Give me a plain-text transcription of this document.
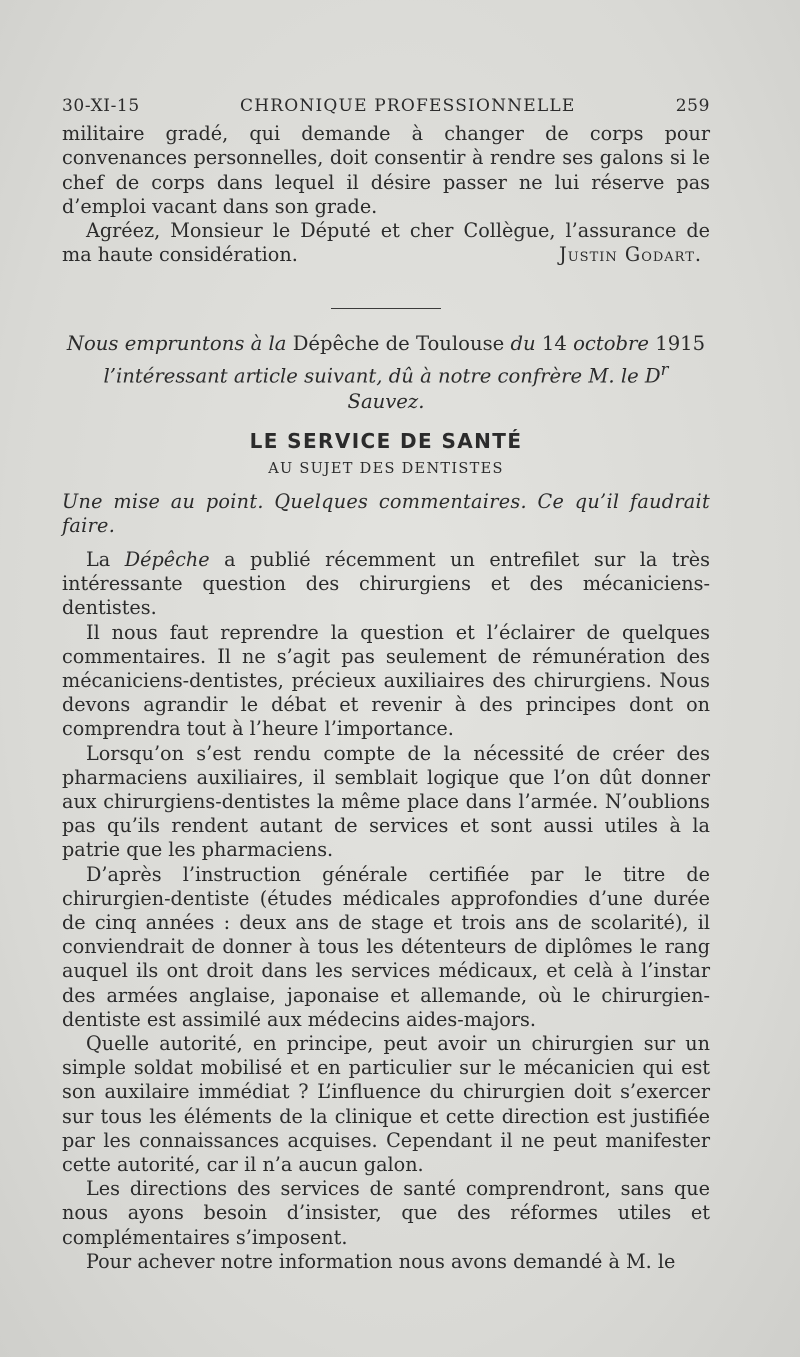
30-XI-15	CHRONIQUE PROFESSIONNELLE	259

militaire gradé, qui demande à changer de corps pour convenances personnelles, doit consentir à rendre ses galons si le chef de corps dans lequel il désire passer ne lui réserve pas d’emploi vacant dans son grade.

Agréez, Monsieur le Député et cher Collègue, l’assurance de ma haute considération.	Justin Godart.

Nous empruntons à la Dépêche de Toulouse du 14 octobre 1915
l’intéressant article suivant, dû à notre confrère M. le $D^r$ Sauvez.

LE SERVICE DE SANTÉ
AU SUJET DES DENTISTES

Une mise au point. Quelques commentaires. Ce qu’il faudrait faire.

La Dépêche a publié récemment un entrefilet sur la très intéressante question des chirurgiens et des mécaniciens-dentistes.

Il nous faut reprendre la question et l’éclairer de quelques commentaires. Il ne s’agit pas seulement de rémunération des mécaniciens-dentistes, précieux auxiliaires des chirurgiens. Nous devons agrandir le débat et revenir à des principes dont on comprendra tout à l’heure l’importance.

Lorsqu’on s’est rendu compte de la nécessité de créer des pharmaciens auxiliaires, il semblait logique que l’on dût donner aux chirurgiens-dentistes la même place dans l’armée. N’oublions pas qu’ils rendent autant de services et sont aussi utiles à la patrie que les pharmaciens.

D’après l’instruction générale certifiée par le titre de chirurgien-dentiste (études médicales approfondies d’une durée de cinq années : deux ans de stage et trois ans de scolarité), il conviendrait de donner à tous les détenteurs de diplômes le rang auquel ils ont droit dans les services médicaux, et celà à l’instar des armées anglaise, japonaise et allemande, où le chirurgien-dentiste est assimilé aux médecins aides-majors.

Quelle autorité, en principe, peut avoir un chirurgien sur un simple soldat mobilisé et en particulier sur le mécanicien qui est son auxilaire immédiat ? L’influence du chirurgien doit s’exercer sur tous les éléments de la clinique et cette direction est justifiée par les connaissances acquises. Cependant il ne peut manifester cette autorité, car il n’a aucun galon.

Les directions des services de santé comprendront, sans que nous ayons besoin d’insister, que des réformes utiles et complémentaires s’imposent.

Pour achever notre information nous avons demandé à M. le
